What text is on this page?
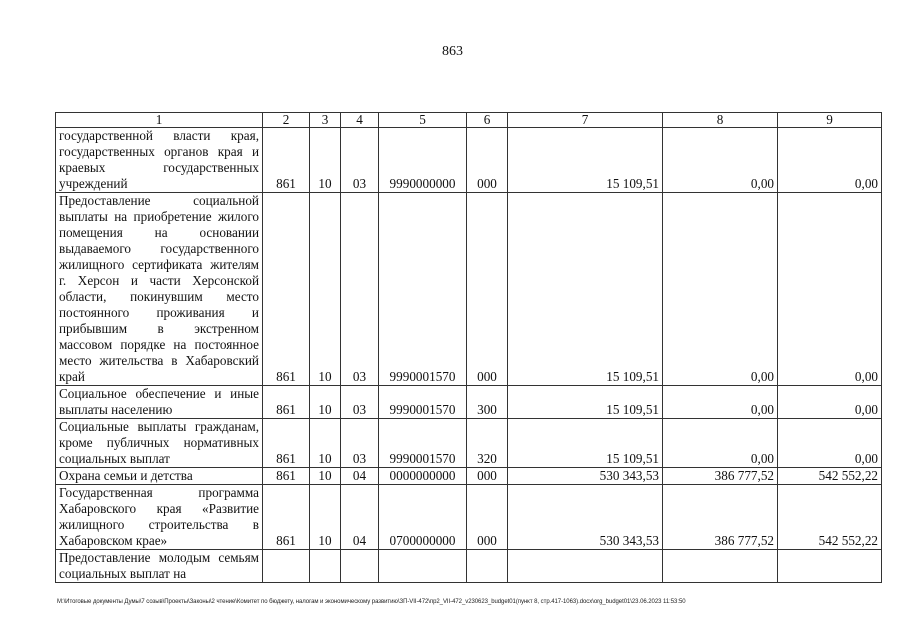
863
1	2	3	4	5	6	7	8	9
государственной власти края, государственных органов края и краевых государственных учреждений	861	10	03	9990000000	000	15 109,51	0,00	0,00
Предоставление социальной выплаты на приобретение жилого помещения на основании выдаваемого государственного жилищного сертификата жителям г. Херсон и части Херсонской области, покинувшим место постоянного проживания и прибывшим в экстренном массовом порядке на постоянное место жительства в Хабаровский край	861	10	03	9990001570	000	15 109,51	0,00	0,00
Социальное обеспечение и иные выплаты населению	861	10	03	9990001570	300	15 109,51	0,00	0,00
Социальные выплаты гражданам, кроме публичных нормативных социальных выплат	861	10	03	9990001570	320	15 109,51	0,00	0,00
Охрана семьи и детства	861	10	04	0000000000	000	530 343,53	386 777,52	542 552,22
Государственная программа Хабаровского края «Развитие жилищного строительства в Хабаровском крае»	861	10	04	0700000000	000	530 343,53	386 777,52	542 552,22
Предоставление молодым семьям социальных выплат на								
M:\Итоговые документы Думы\7 созыв\Проекты\Законы\2 чтение\Комитет по бюджету, налогам и экономическому развитию\ЗП-VII-472\пр2_VII-472_v230623_budget01(пункт 8, стр.417-1063).docx\org_budget01\23.06.2023 11:53:50
